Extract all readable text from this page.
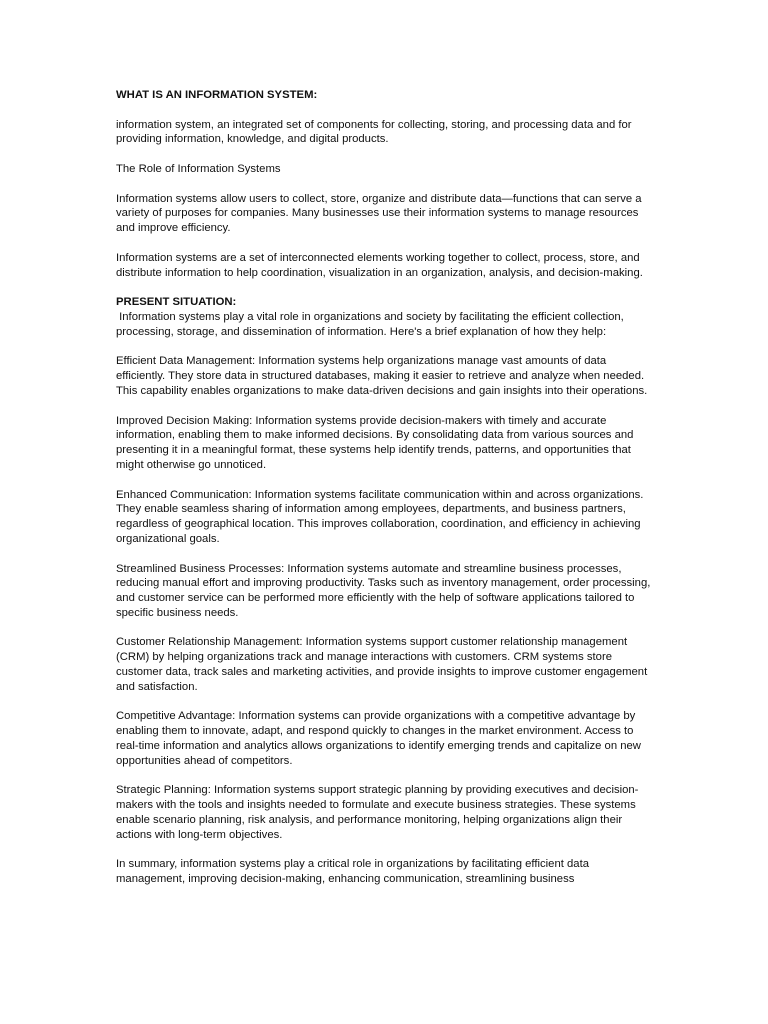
WHAT IS AN INFORMATION SYSTEM:

information system, an integrated set of components for collecting, storing, and processing data and for providing information, knowledge, and digital products.

The Role of Information Systems

Information systems allow users to collect, store, organize and distribute data—functions that can serve a variety of purposes for companies. Many businesses use their information systems to manage resources and improve efficiency.

Information systems are a set of interconnected elements working together to collect, process, store, and distribute information to help coordination, visualization in an organization, analysis, and decision-making.

PRESENT SITUATION:

Information systems play a vital role in organizations and society by facilitating the efficient collection, processing, storage, and dissemination of information. Here's a brief explanation of how they help:

Efficient Data Management: Information systems help organizations manage vast amounts of data efficiently. They store data in structured databases, making it easier to retrieve and analyze when needed. This capability enables organizations to make data-driven decisions and gain insights into their operations.

Improved Decision Making: Information systems provide decision-makers with timely and accurate information, enabling them to make informed decisions. By consolidating data from various sources and presenting it in a meaningful format, these systems help identify trends, patterns, and opportunities that might otherwise go unnoticed.

Enhanced Communication: Information systems facilitate communication within and across organizations. They enable seamless sharing of information among employees, departments, and business partners, regardless of geographical location. This improves collaboration, coordination, and efficiency in achieving organizational goals.

Streamlined Business Processes: Information systems automate and streamline business processes, reducing manual effort and improving productivity. Tasks such as inventory management, order processing, and customer service can be performed more efficiently with the help of software applications tailored to specific business needs.

Customer Relationship Management: Information systems support customer relationship management (CRM) by helping organizations track and manage interactions with customers. CRM systems store customer data, track sales and marketing activities, and provide insights to improve customer engagement and satisfaction.

Competitive Advantage: Information systems can provide organizations with a competitive advantage by enabling them to innovate, adapt, and respond quickly to changes in the market environment. Access to real-time information and analytics allows organizations to identify emerging trends and capitalize on new opportunities ahead of competitors.

Strategic Planning: Information systems support strategic planning by providing executives and decision-makers with the tools and insights needed to formulate and execute business strategies. These systems enable scenario planning, risk analysis, and performance monitoring, helping organizations align their actions with long-term objectives.

In summary, information systems play a critical role in organizations by facilitating efficient data management, improving decision-making, enhancing communication, streamlining business
